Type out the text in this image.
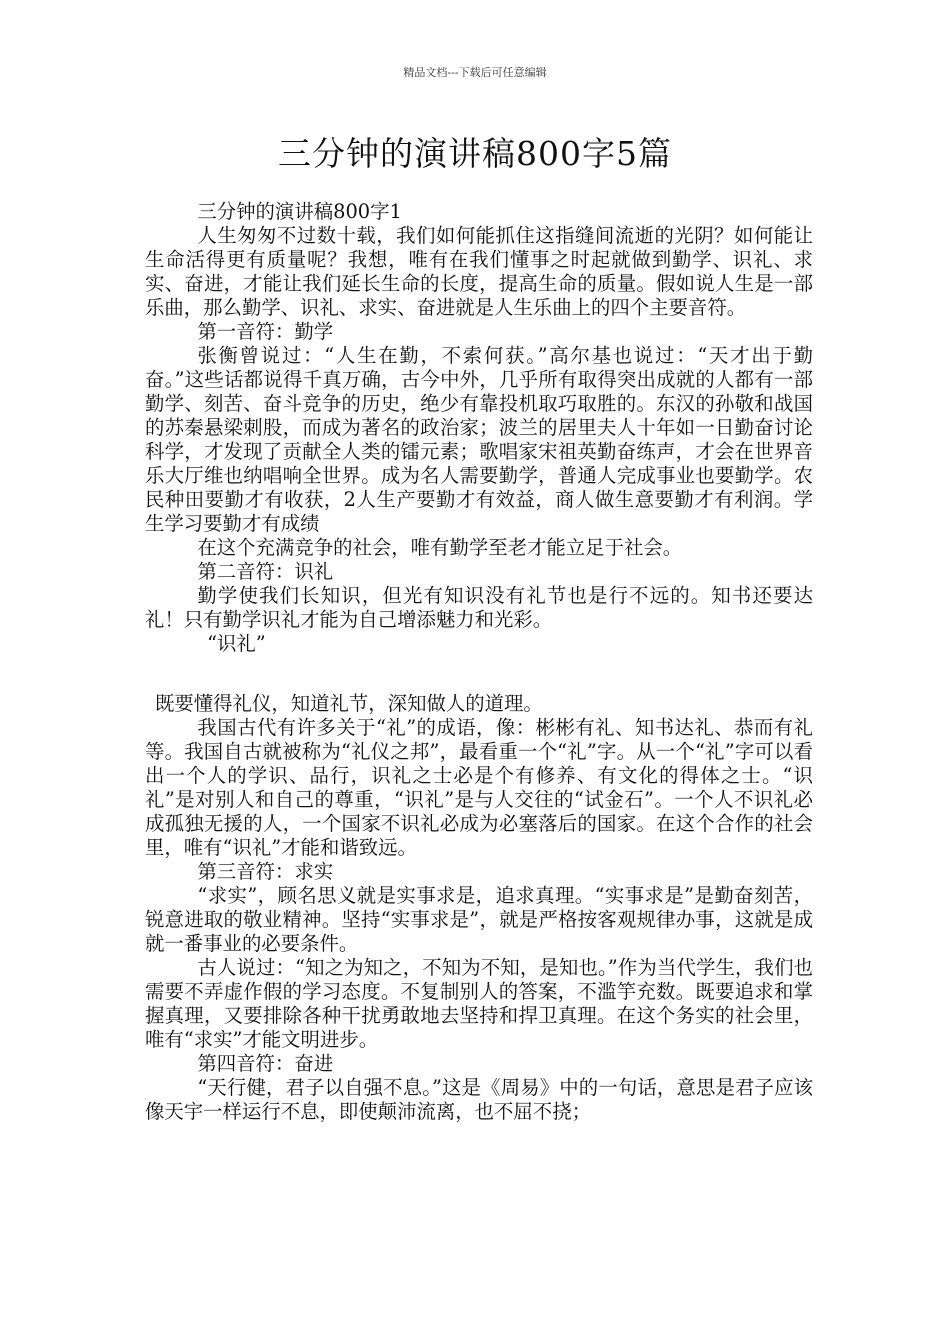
精品文档---下载后可任意编辑
三分钟的演讲稿800字5篇

三分钟的演讲稿800字1

人生匆匆不过数十载，我们如何能抓住这指缝间流逝的光阴？如何能让生命活得更有质量呢？我想，唯有在我们懂事之时起就做到勤学、识礼、求实、奋进，才能让我们延长生命的长度，提高生命的质量。假如说人生是一部乐曲，那么勤学、识礼、求实、奋进就是人生乐曲上的四个主要音符。

第一音符：勤学

张衡曾说过：“人生在勤，不索何获。”高尔基也说过：“天才出于勤奋。”这些话都说得千真万确，古今中外，几乎所有取得突出成就的人都有一部勤学、刻苦、奋斗竞争的历史，绝少有靠投机取巧取胜的。东汉的孙敬和战国的苏秦悬梁刺股，而成为著名的政治家；波兰的居里夫人十年如一日勤奋讨论科学，才发现了贡献全人类的镭元素；歌唱家宋祖英勤奋练声，才会在世界音乐大厅维也纳唱响全世界。成为名人需要勤学，普通人完成事业也要勤学。农民种田要勤才有收获，2人生产要勤才有效益，商人做生意要勤才有利润。学生学习要勤才有成绩

在这个充满竞争的社会，唯有勤学至老才能立足于社会。

第二音符：识礼

勤学使我们长知识，但光有知识没有礼节也是行不远的。知书还要达礼！只有勤学识礼才能为自己增添魅力和光彩。

“识礼”

既要懂得礼仪，知道礼节，深知做人的道理。

我国古代有许多关于“礼”的成语，像：彬彬有礼、知书达礼、恭而有礼等。我国自古就被称为“礼仪之邦”，最看重一个“礼”字。从一个“礼”字可以看出一个人的学识、品行，识礼之士必是个有修养、有文化的得体之士。“识礼”是对别人和自己的尊重，“识礼”是与人交往的“试金石”。一个人不识礼必成孤独无援的人，一个国家不识礼必成为必塞落后的国家。在这个合作的社会里，唯有“识礼”才能和谐致远。

第三音符：求实

“求实”，顾名思义就是实事求是，追求真理。“实事求是”是勤奋刻苦，锐意进取的敬业精神。坚持“实事求是”，就是严格按客观规律办事，这就是成就一番事业的必要条件。

古人说过：“知之为知之，不知为不知，是知也。”作为当代学生，我们也需要不弄虚作假的学习态度。不复制别人的答案，不滥竽充数。既要追求和掌握真理，又要排除各种干扰勇敢地去坚持和捍卫真理。在这个务实的社会里，唯有“求实”才能文明进步。

第四音符：奋进

“天行健，君子以自强不息。”这是《周易》中的一句话，意思是君子应该像天宇一样运行不息，即使颠沛流离，也不屈不挠；
